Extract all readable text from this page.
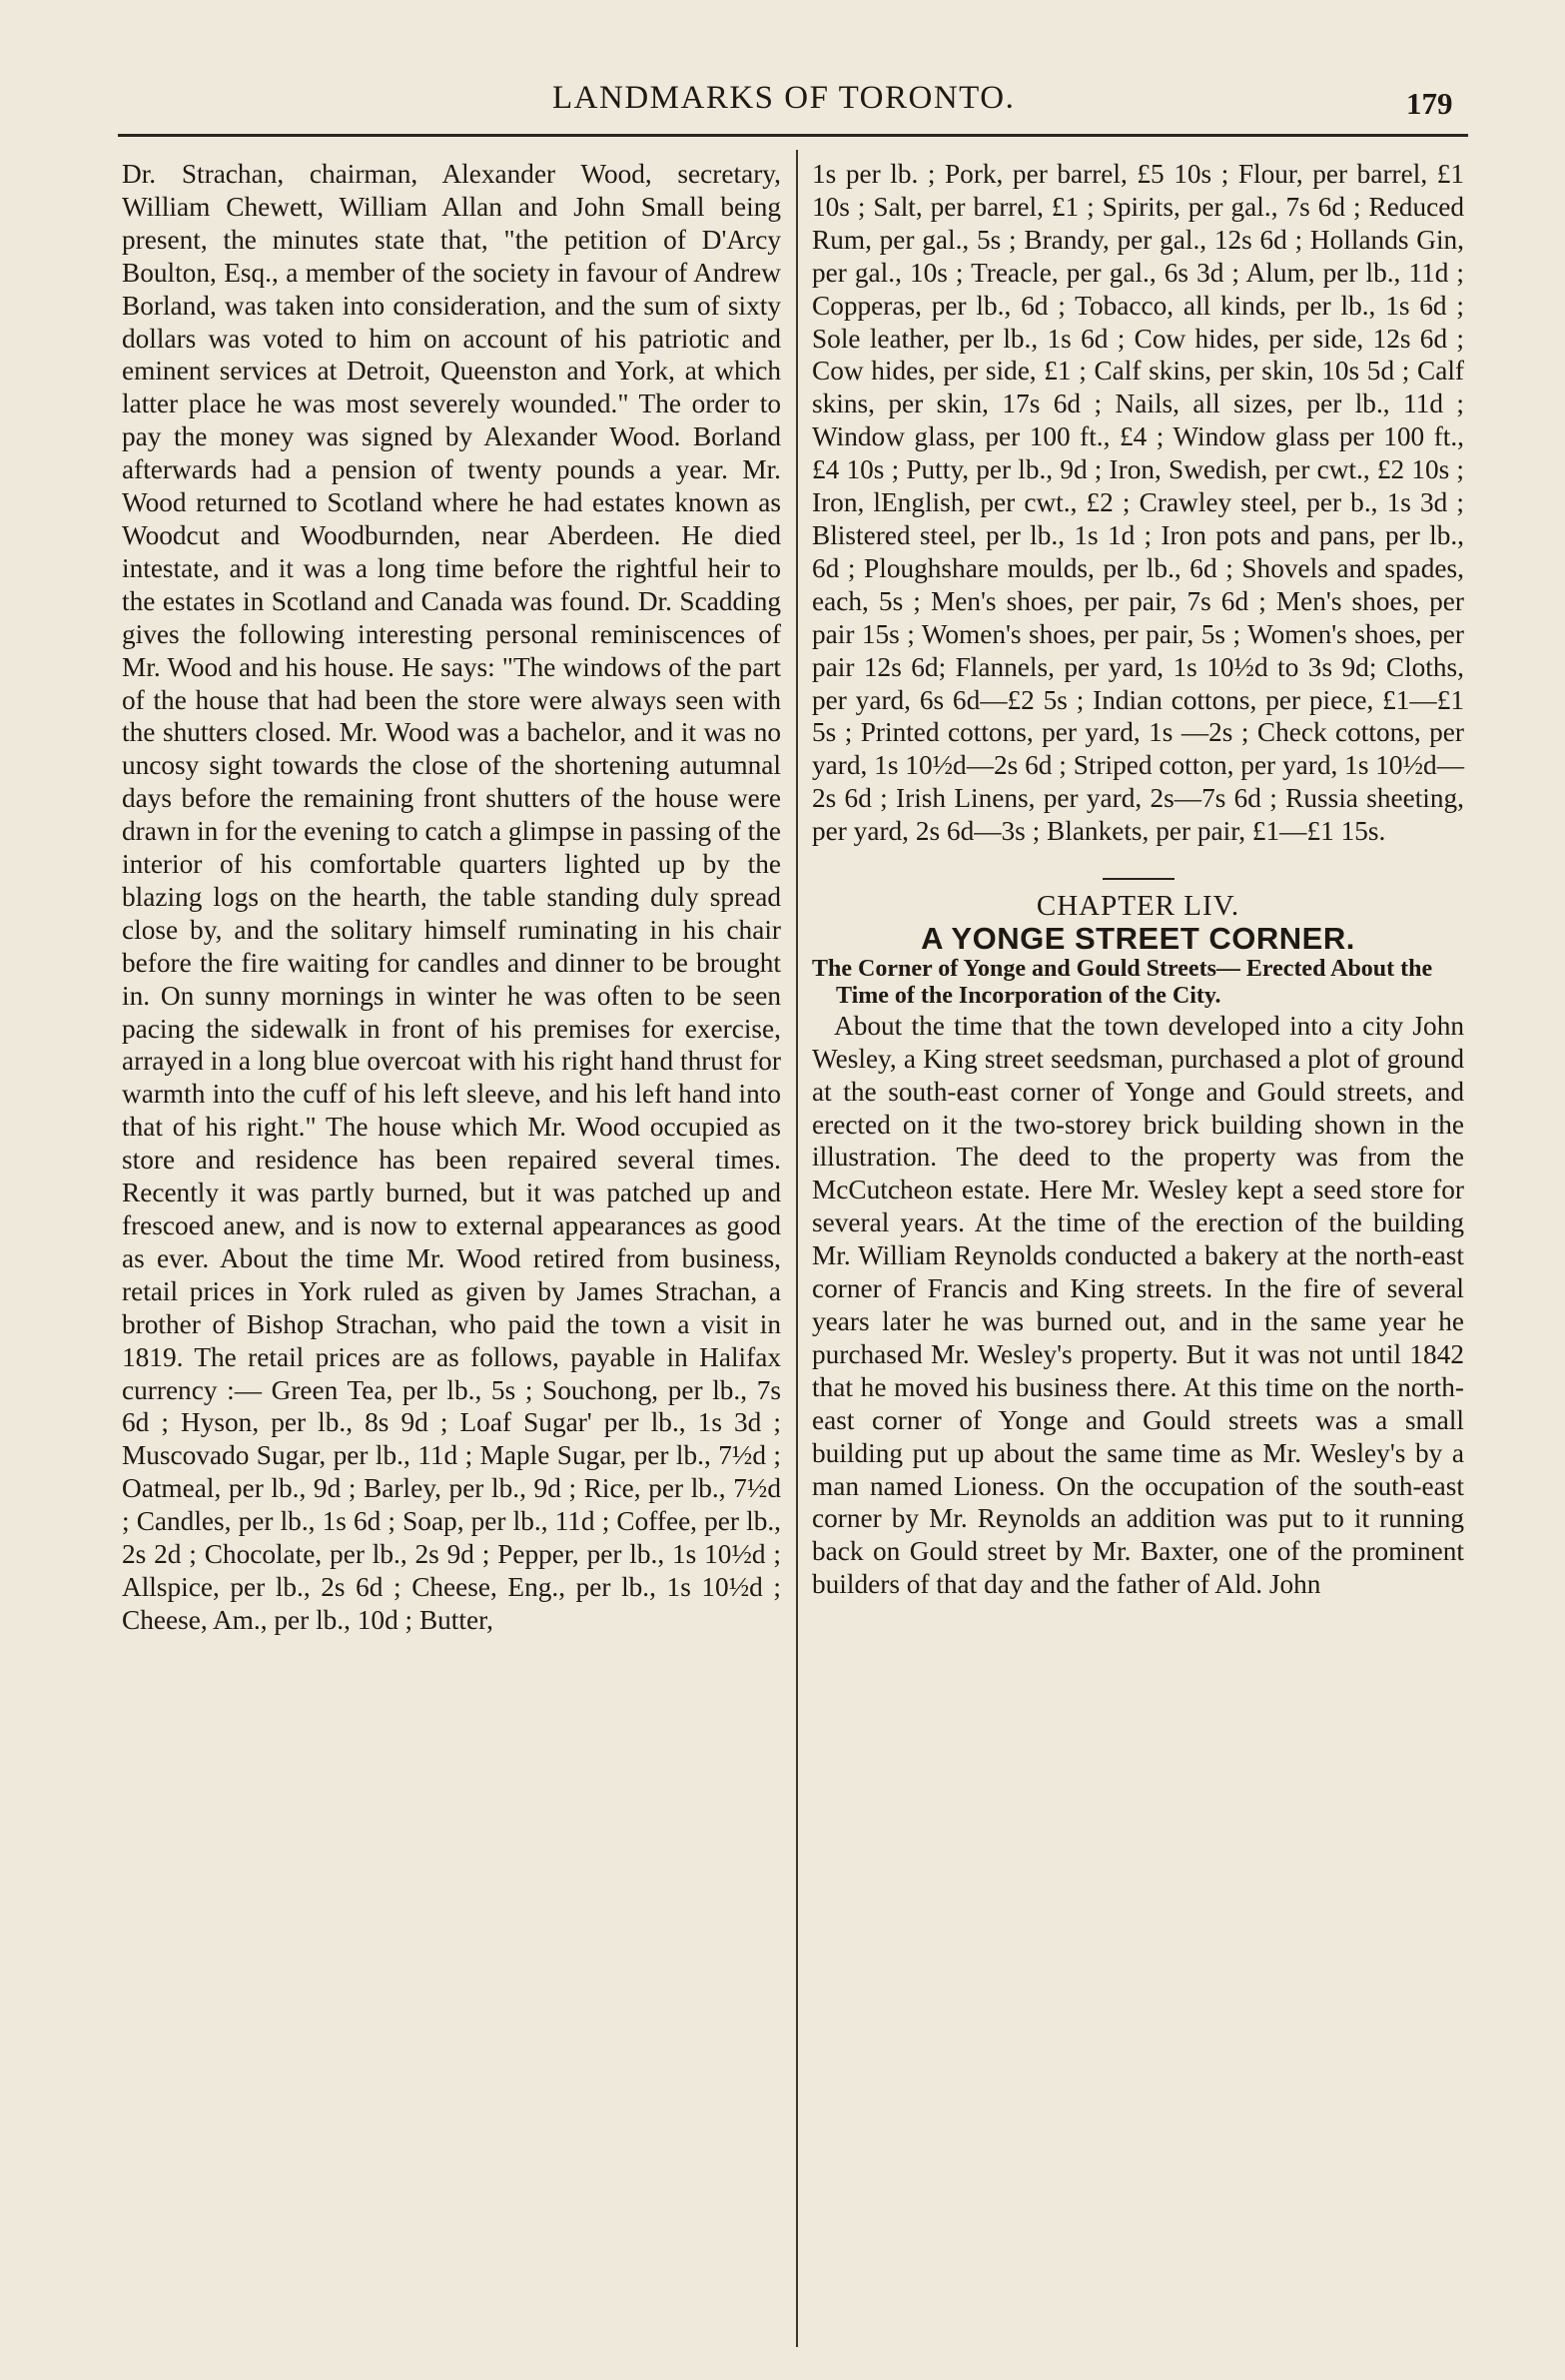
LANDMARKS OF TORONTO.	179

Dr. Strachan, chairman, Alexander Wood, secretary, William Chewett, William Allan and John Small being present, the minutes state that, "the petition of D'Arcy Boulton, Esq., a member of the society in favour of Andrew Borland, was taken into consideration, and the sum of sixty dollars was voted to him on account of his patriotic and eminent services at Detroit, Queenston and York, at which latter place he was most severely wounded." The order to pay the money was signed by Alexander Wood. Borland afterwards had a pension of twenty pounds a year. Mr. Wood returned to Scotland where he had estates known as Woodcut and Woodburnden, near Aberdeen. He died intestate, and it was a long time before the rightful heir to the estates in Scotland and Canada was found. Dr. Scadding gives the following interesting personal reminiscences of Mr. Wood and his house. He says: "The windows of the part of the house that had been the store were always seen with the shutters closed. Mr. Wood was a bachelor, and it was no uncosy sight towards the close of the shortening autumnal days before the remaining front shutters of the house were drawn in for the evening to catch a glimpse in passing of the interior of his comfortable quarters lighted up by the blazing logs on the hearth, the table standing duly spread close by, and the solitary himself ruminating in his chair before the fire waiting for candles and dinner to be brought in. On sunny mornings in winter he was often to be seen pacing the sidewalk in front of his premises for exercise, arrayed in a long blue overcoat with his right hand thrust for warmth into the cuff of his left sleeve, and his left hand into that of his right." The house which Mr. Wood occupied as store and residence has been repaired several times. Recently it was partly burned, but it was patched up and frescoed anew, and is now to external appearances as good as ever. About the time Mr. Wood retired from business, retail prices in York ruled as given by James Strachan, a brother of Bishop Strachan, who paid the town a visit in 1819. The retail prices are as follows, payable in Halifax currency :— Green Tea, per lb., 5s ; Souchong, per lb., 7s 6d ; Hyson, per lb., 8s 9d ; Loaf Sugar' per lb., 1s 3d ; Muscovado Sugar, per lb., 11d ; Maple Sugar, per lb., 7½d ; Oatmeal, per lb., 9d ; Barley, per lb., 9d ; Rice, per lb., 7½d ; Candles, per lb., 1s 6d ; Soap, per lb., 11d ; Coffee, per lb., 2s 2d ; Chocolate, per lb., 2s 9d ; Pepper, per lb., 1s 10½d ; Allspice, per lb., 2s 6d ; Cheese, Eng., per lb., 1s 10½d ; Cheese, Am., per lb., 10d ; Butter,

1s per lb. ; Pork, per barrel, £5 10s ; Flour, per barrel, £1 10s ; Salt, per barrel, £1 ; Spirits, per gal., 7s 6d ; Reduced Rum, per gal., 5s ; Brandy, per gal., 12s 6d ; Hollands Gin, per gal., 10s ; Treacle, per gal., 6s 3d ; Alum, per lb., 11d ; Copperas, per lb., 6d ; Tobacco, all kinds, per lb., 1s 6d ; Sole leather, per lb., 1s 6d ; Cow hides, per side, 12s 6d ; Cow hides, per side, £1 ; Calf skins, per skin, 10s 5d ; Calf skins, per skin, 17s 6d ; Nails, all sizes, per lb., 11d ; Window glass, per 100 ft., £4 ; Window glass per 100 ft., £4 10s ; Putty, per lb., 9d ; Iron, Swedish, per cwt., £2 10s ; Iron, lEnglish, per cwt., £2 ; Crawley steel, per b., 1s 3d ; Blistered steel, per lb., 1s 1d ; Iron pots and pans, per lb., 6d ; Ploughshare moulds, per lb., 6d ; Shovels and spades, each, 5s ; Men's shoes, per pair, 7s 6d ; Men's shoes, per pair 15s ; Women's shoes, per pair, 5s ; Women's shoes, per pair 12s 6d; Flannels, per yard, 1s 10½d to 3s 9d; Cloths, per yard, 6s 6d—£2 5s ; Indian cottons, per piece, £1—£1 5s ; Printed cottons, per yard, 1s —2s ; Check cottons, per yard, 1s 10½d—2s 6d ; Striped cotton, per yard, 1s 10½d—2s 6d ; Irish Linens, per yard, 2s—7s 6d ; Russia sheeting, per yard, 2s 6d—3s ; Blankets, per pair, £1—£1 15s.

CHAPTER LIV.

A YONGE STREET CORNER.

The Corner of Yonge and Gould Streets— Erected About the Time of the Incorporation of the City.

About the time that the town developed into a city John Wesley, a King street seedsman, purchased a plot of ground at the south-east corner of Yonge and Gould streets, and erected on it the two-storey brick building shown in the illustration. The deed to the property was from the McCutcheon estate. Here Mr. Wesley kept a seed store for several years. At the time of the erection of the building Mr. William Reynolds conducted a bakery at the north-east corner of Francis and King streets. In the fire of several years later he was burned out, and in the same year he purchased Mr. Wesley's property. But it was not until 1842 that he moved his business there. At this time on the north-east corner of Yonge and Gould streets was a small building put up about the same time as Mr. Wesley's by a man named Lioness. On the occupation of the south-east corner by Mr. Reynolds an addition was put to it running back on Gould street by Mr. Baxter, one of the prominent builders of that day and the father of Ald. John
